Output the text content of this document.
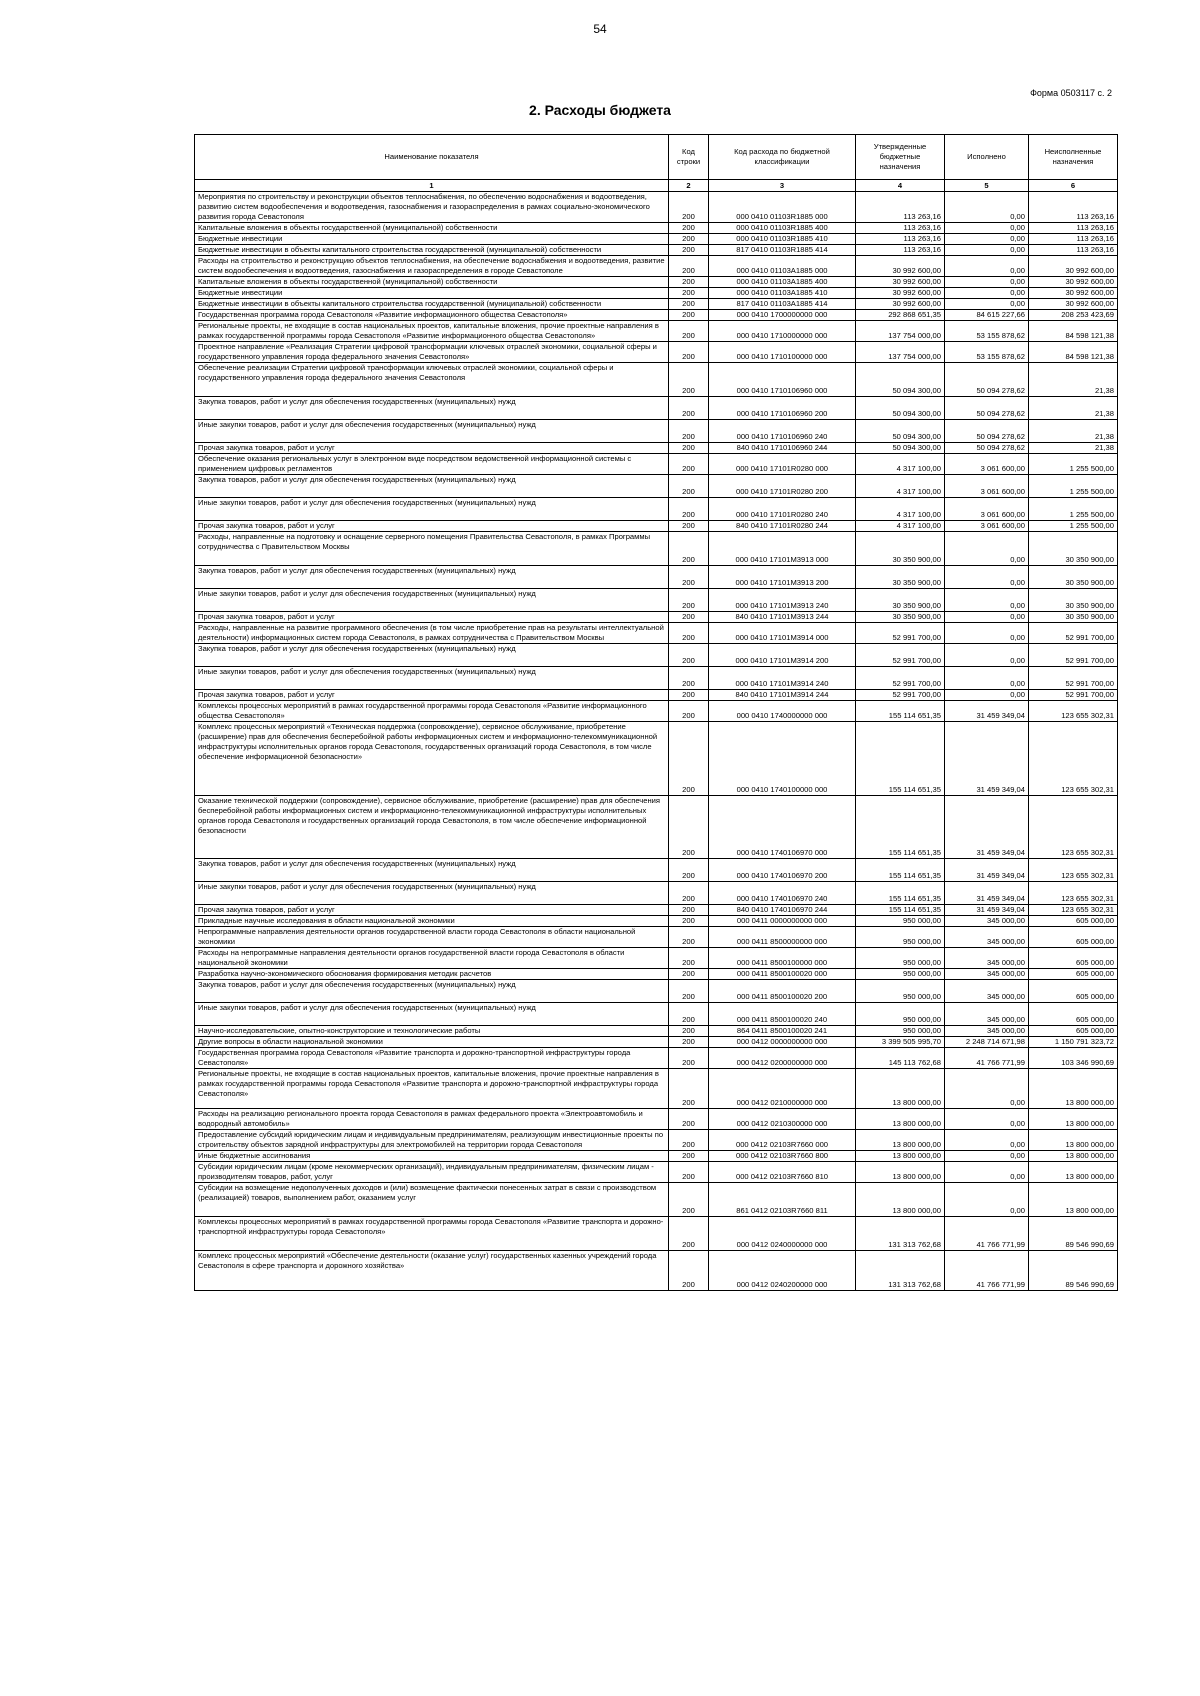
54
Форма 0503117 с. 2
2. Расходы бюджета
Наименование показателя	Код строки	Код расхода по бюджетной классификации	Утвержденные бюджетные назначения	Исполнено	Неисполненные назначения
1	2	3	4	5	6
Мероприятия по строительству и реконструкции объектов теплоснабжения, по обеспечению водоснабжения и водоотведения, развитию систем водообеспечения и водоотведения, газоснабжения и газораспределения в рамках социально-экономического развития города Севастополя	200	000 0410 01103R1885 000	113 263,16	0,00	113 263,16
Капитальные вложения в объекты государственной (муниципальной) собственности	200	000 0410 01103R1885 400	113 263,16	0,00	113 263,16
Бюджетные инвестиции	200	000 0410 01103R1885 410	113 263,16	0,00	113 263,16
Бюджетные инвестиции в объекты капитального строительства государственной (муниципальной) собственности	200	817 0410 01103R1885 414	113 263,16	0,00	113 263,16
Расходы на строительство и реконструкцию объектов теплоснабжения, на обеспечение водоснабжения и водоотведения, развитие систем водообеспечения и водоотведения, газоснабжения и газораспределения в городе Севастополе	200	000 0410 01103A1885 000	30 992 600,00	0,00	30 992 600,00
Капитальные вложения в объекты государственной (муниципальной) собственности	200	000 0410 01103A1885 400	30 992 600,00	0,00	30 992 600,00
Бюджетные инвестиции	200	000 0410 01103A1885 410	30 992 600,00	0,00	30 992 600,00
Бюджетные инвестиции в объекты капитального строительства государственной (муниципальной) собственности	200	817 0410 01103A1885 414	30 992 600,00	0,00	30 992 600,00
Государственная программа города Севастополя «Развитие информационного общества Севастополя»	200	000 0410 1700000000 000	292 868 651,35	84 615 227,66	208 253 423,69
Региональные проекты, не входящие в состав национальных проектов, капитальные вложения, прочие проектные направления в рамках государственной программы города Севастополя «Развитие информационного общества Севастополя»	200	000 0410 1710000000 000	137 754 000,00	53 155 878,62	84 598 121,38
Проектное направление «Реализация Стратегии цифровой трансформации ключевых отраслей экономики, социальной сферы и государственного управления города федерального значения Севастополя»	200	000 0410 1710100000 000	137 754 000,00	53 155 878,62	84 598 121,38
Обеспечение реализации Стратегии цифровой трансформации ключевых отраслей экономики, социальной сферы и государственного управления города федерального значения Севастополя	200	000 0410 1710106960 000	50 094 300,00	50 094 278,62	21,38
Закупка товаров, работ и услуг для обеспечения государственных (муниципальных) нужд	200	000 0410 1710106960 200	50 094 300,00	50 094 278,62	21,38
Иные закупки товаров, работ и услуг для обеспечения государственных (муниципальных) нужд	200	000 0410 1710106960 240	50 094 300,00	50 094 278,62	21,38
Прочая закупка товаров, работ и услуг	200	840 0410 1710106960 244	50 094 300,00	50 094 278,62	21,38
Обеспечение оказания региональных услуг в электронном виде посредством ведомственной информационной системы с применением цифровых регламентов	200	000 0410 17101R0280 000	4 317 100,00	3 061 600,00	1 255 500,00
Закупка товаров, работ и услуг для обеспечения государственных (муниципальных) нужд	200	000 0410 17101R0280 200	4 317 100,00	3 061 600,00	1 255 500,00
Иные закупки товаров, работ и услуг для обеспечения государственных (муниципальных) нужд	200	000 0410 17101R0280 240	4 317 100,00	3 061 600,00	1 255 500,00
Прочая закупка товаров, работ и услуг	200	840 0410 17101R0280 244	4 317 100,00	3 061 600,00	1 255 500,00
Расходы, направленные на подготовку и оснащение серверного помещения Правительства Севастополя, в рамках Программы сотрудничества с Правительством Москвы	200	000 0410 17101M3913 000	30 350 900,00	0,00	30 350 900,00
Закупка товаров, работ и услуг для обеспечения государственных (муниципальных) нужд	200	000 0410 17101M3913 200	30 350 900,00	0,00	30 350 900,00
Иные закупки товаров, работ и услуг для обеспечения государственных (муниципальных) нужд	200	000 0410 17101M3913 240	30 350 900,00	0,00	30 350 900,00
Прочая закупка товаров, работ и услуг	200	840 0410 17101M3913 244	30 350 900,00	0,00	30 350 900,00
Расходы, направленные на развитие программного обеспечения (в том числе приобретение прав на результаты интеллектуальной деятельности) информационных систем города Севастополя, в рамках сотрудничества с Правительством Москвы	200	000 0410 17101M3914 000	52 991 700,00	0,00	52 991 700,00
Закупка товаров, работ и услуг для обеспечения государственных (муниципальных) нужд	200	000 0410 17101M3914 200	52 991 700,00	0,00	52 991 700,00
Иные закупки товаров, работ и услуг для обеспечения государственных (муниципальных) нужд	200	000 0410 17101M3914 240	52 991 700,00	0,00	52 991 700,00
Прочая закупка товаров, работ и услуг	200	840 0410 17101M3914 244	52 991 700,00	0,00	52 991 700,00
Комплексы процессных мероприятий в рамках государственной программы города Севастополя «Развитие информационного общества Севастополя»	200	000 0410 1740000000 000	155 114 651,35	31 459 349,04	123 655 302,31
Комплекс процессных мероприятий «Техническая поддержка (сопровождение), сервисное обслуживание, приобретение (расширение) прав для обеспечения бесперебойной работы информационных систем и информационно-телекоммуникационной инфраструктуры исполнительных органов города Севастополя, государственных организаций города Севастополя, в том числе обеспечение информационной безопасности»	200	000 0410 1740100000 000	155 114 651,35	31 459 349,04	123 655 302,31
Оказание технической поддержки (сопровождение), сервисное обслуживание, приобретение (расширение) прав для обеспечения бесперебойной работы информационных систем и информационно-телекоммуникационной инфраструктуры исполнительных органов города Севастополя и государственных организаций города Севастополя, в том числе обеспечение информационной безопасности	200	000 0410 1740106970 000	155 114 651,35	31 459 349,04	123 655 302,31
Закупка товаров, работ и услуг для обеспечения государственных (муниципальных) нужд	200	000 0410 1740106970 200	155 114 651,35	31 459 349,04	123 655 302,31
Иные закупки товаров, работ и услуг для обеспечения государственных (муниципальных) нужд	200	000 0410 1740106970 240	155 114 651,35	31 459 349,04	123 655 302,31
Прочая закупка товаров, работ и услуг	200	840 0410 1740106970 244	155 114 651,35	31 459 349,04	123 655 302,31
Прикладные научные исследования в области национальной экономики	200	000 0411 0000000000 000	950 000,00	345 000,00	605 000,00
Непрограммные направления деятельности органов государственной власти города Севастополя в области национальной экономики	200	000 0411 8500000000 000	950 000,00	345 000,00	605 000,00
Расходы на непрограммные направления деятельности органов государственной власти города Севастополя в области национальной экономики	200	000 0411 8500100000 000	950 000,00	345 000,00	605 000,00
Разработка научно-экономического обоснования формирования методик расчетов	200	000 0411 8500100020 000	950 000,00	345 000,00	605 000,00
Закупка товаров, работ и услуг для обеспечения государственных (муниципальных) нужд	200	000 0411 8500100020 200	950 000,00	345 000,00	605 000,00
Иные закупки товаров, работ и услуг для обеспечения государственных (муниципальных) нужд	200	000 0411 8500100020 240	950 000,00	345 000,00	605 000,00
Научно-исследовательские, опытно-конструкторские и технологические работы	200	864 0411 8500100020 241	950 000,00	345 000,00	605 000,00
Другие вопросы в области национальной экономики	200	000 0412 0000000000 000	3 399 505 995,70	2 248 714 671,98	1 150 791 323,72
Государственная программа города Севастополя «Развитие транспорта и дорожно-транспортной инфраструктуры города Севастополя»	200	000 0412 0200000000 000	145 113 762,68	41 766 771,99	103 346 990,69
Региональные проекты, не входящие в состав национальных проектов, капитальные вложения, прочие проектные направления в рамках государственной программы города Севастополя «Развитие транспорта и дорожно-транспортной инфраструктуры города Севастополя»	200	000 0412 0210000000 000	13 800 000,00	0,00	13 800 000,00
Расходы на реализацию регионального проекта города Севастополя в рамках федерального проекта «Электроавтомобиль и водородный автомобиль»	200	000 0412 0210300000 000	13 800 000,00	0,00	13 800 000,00
Предоставление субсидий юридическим лицам и индивидуальным предпринимателям, реализующим инвестиционные проекты по строительству объектов зарядной инфраструктуры для электромобилей на территории города Севастополя	200	000 0412 02103R7660 000	13 800 000,00	0,00	13 800 000,00
Иные бюджетные ассигнования	200	000 0412 02103R7660 800	13 800 000,00	0,00	13 800 000,00
Субсидии юридическим лицам (кроме некоммерческих организаций), индивидуальным предпринимателям, физическим лицам - производителям товаров, работ, услуг	200	000 0412 02103R7660 810	13 800 000,00	0,00	13 800 000,00
Субсидии на возмещение недополученных доходов и (или) возмещение фактически понесенных затрат в связи с производством (реализацией) товаров, выполнением работ, оказанием услуг	200	861 0412 02103R7660 811	13 800 000,00	0,00	13 800 000,00
Комплексы процессных мероприятий в рамках государственной программы города Севастополя «Развитие транспорта и дорожно-транспортной инфраструктуры города Севастополя»	200	000 0412 0240000000 000	131 313 762,68	41 766 771,99	89 546 990,69
Комплекс процессных мероприятий «Обеспечение деятельности (оказание услуг) государственных казенных учреждений города Севастополя в сфере транспорта и дорожного хозяйства»	200	000 0412 0240200000 000	131 313 762,68	41 766 771,99	89 546 990,69
